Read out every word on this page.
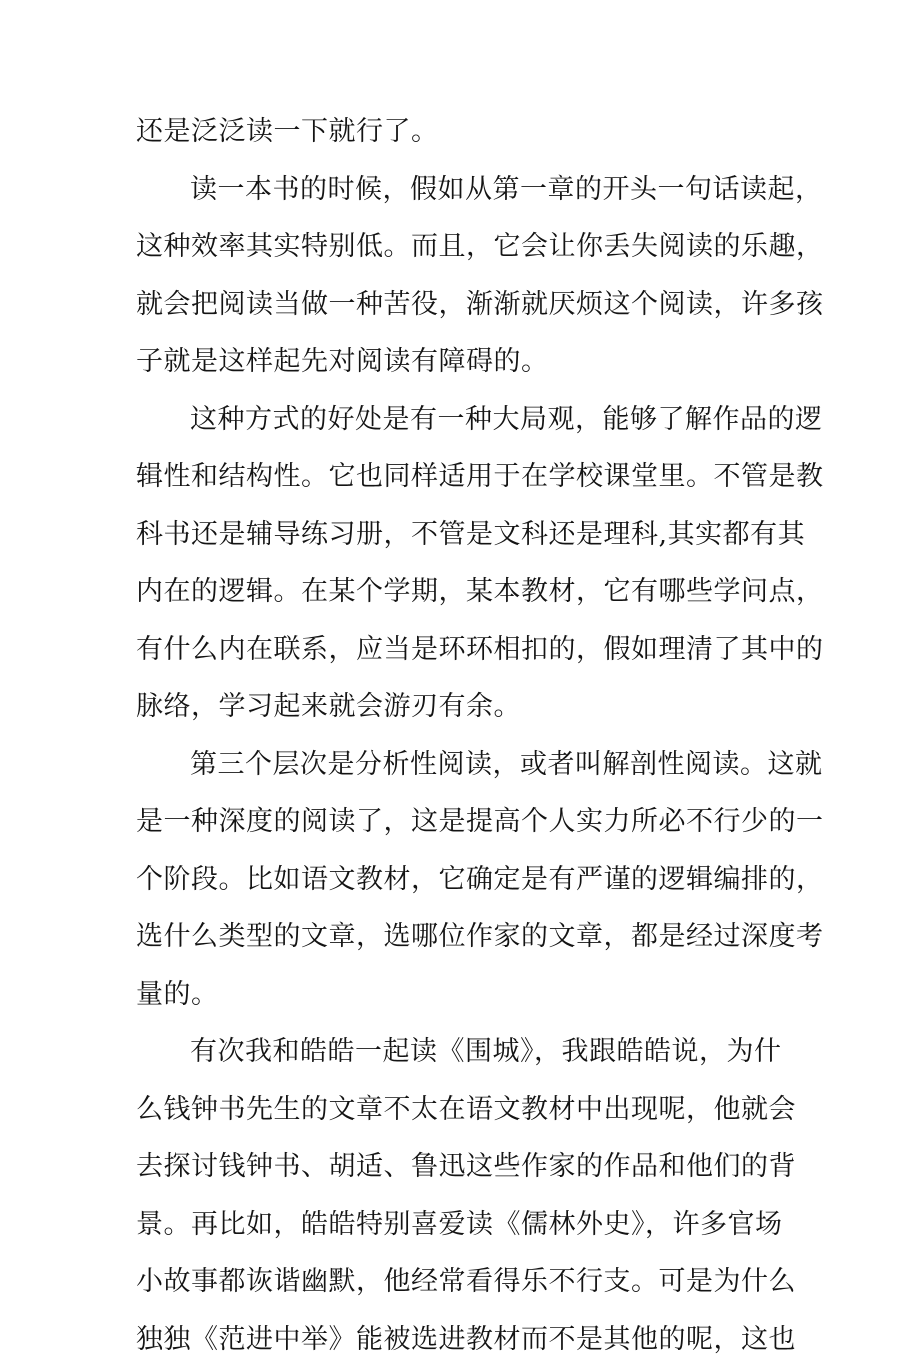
还是泛泛读一下就行了。
读一本书的时候，假如从第一章的开头一句话读起，
这种效率其实特别低。而且，它会让你丢失阅读的乐趣，
就会把阅读当做一种苦役，渐渐就厌烦这个阅读，许多孩
子就是这样起先对阅读有障碍的。
这种方式的好处是有一种大局观，能够了解作品的逻
辑性和结构性。它也同样适用于在学校课堂里。不管是教
科书还是辅导练习册，不管是文科还是理科,其实都有其
内在的逻辑。在某个学期，某本教材，它有哪些学问点，
有什么内在联系，应当是环环相扣的，假如理清了其中的
脉络，学习起来就会游刃有余。
第三个层次是分析性阅读，或者叫解剖性阅读。这就
是一种深度的阅读了，这是提高个人实力所必不行少的一
个阶段。比如语文教材，它确定是有严谨的逻辑编排的，
选什么类型的文章，选哪位作家的文章，都是经过深度考
量的。
有次我和皓皓一起读《围城》，我跟皓皓说，为什
么钱钟书先生的文章不太在语文教材中出现呢，他就会
去探讨钱钟书、胡适、鲁迅这些作家的作品和他们的背
景。再比如，皓皓特别喜爱读《儒林外史》，许多官场
小故事都诙谐幽默，他经常看得乐不行支。可是为什么
独独《范进中举》能被选进教材而不是其他的呢，这也
